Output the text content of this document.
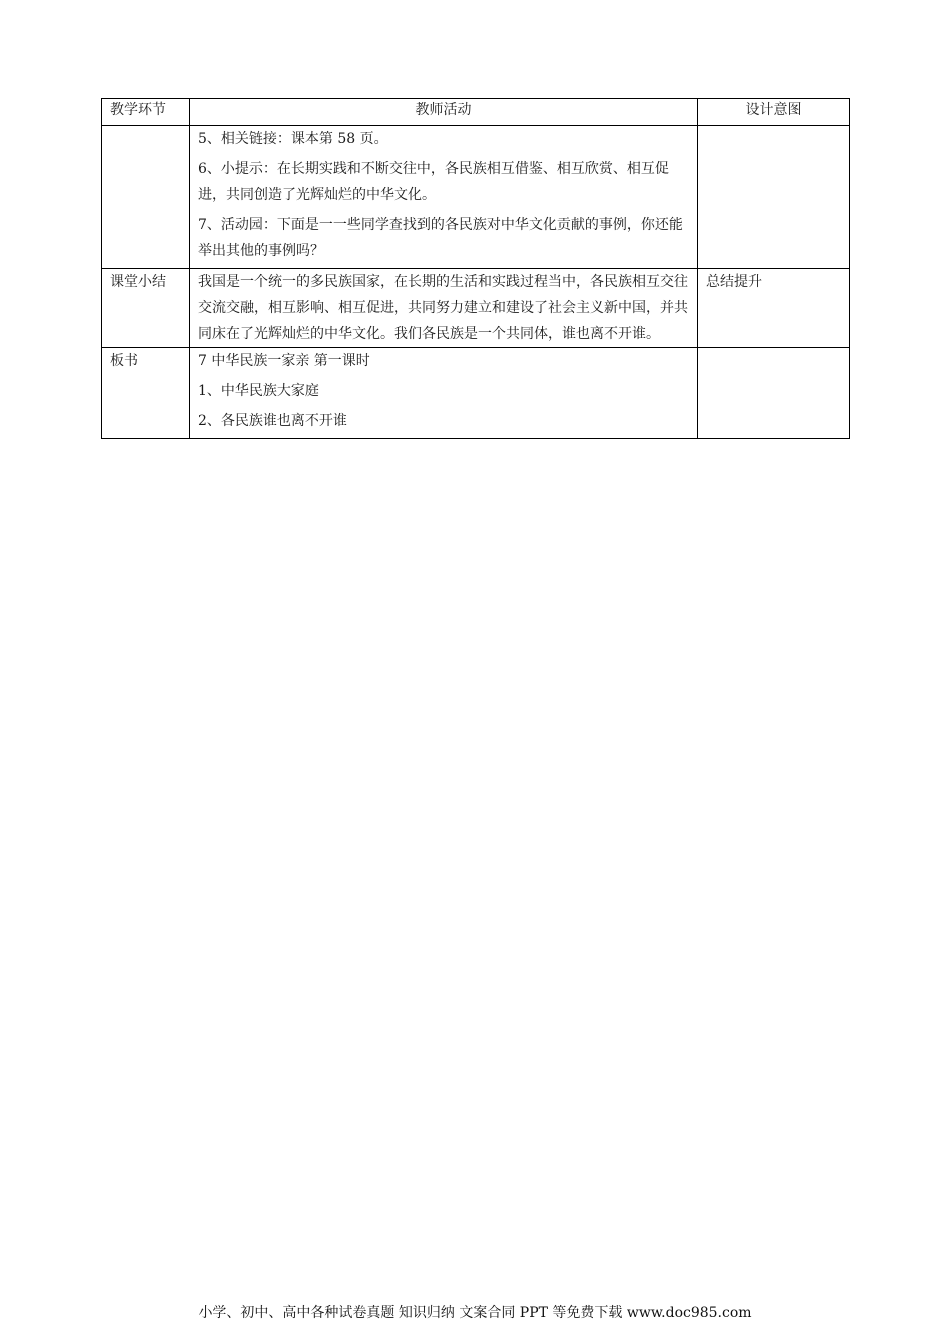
教学环节	教师活动	设计意图

	5、相关链接：课本第 58 页。
6、小提示：在长期实践和不断交往中，各民族相互借鉴、相互欣赏、相互促进，共同创造了光辉灿烂的中华文化。
7、活动园：下面是一一些同学查找到的各民族对中华文化贡献的事例，你还能举出其他的事例吗？	

课堂小结	我国是一个统一的多民族国家，在长期的生活和实践过程当中，各民族相互交往交流交融，相互影响、相互促进，共同努力建立和建设了社会主义新中国，并共同床在了光辉灿烂的中华文化。我们各民族是一个共同体，谁也离不开谁。	总结提升
板书	7 中华民族一家亲 第一课时
1、中华民族大家庭
2、各民族谁也离不开谁	

小学、初中、高中各种试卷真题 知识归纳 文案合同 PPT 等免费下载 www.doc985.com
